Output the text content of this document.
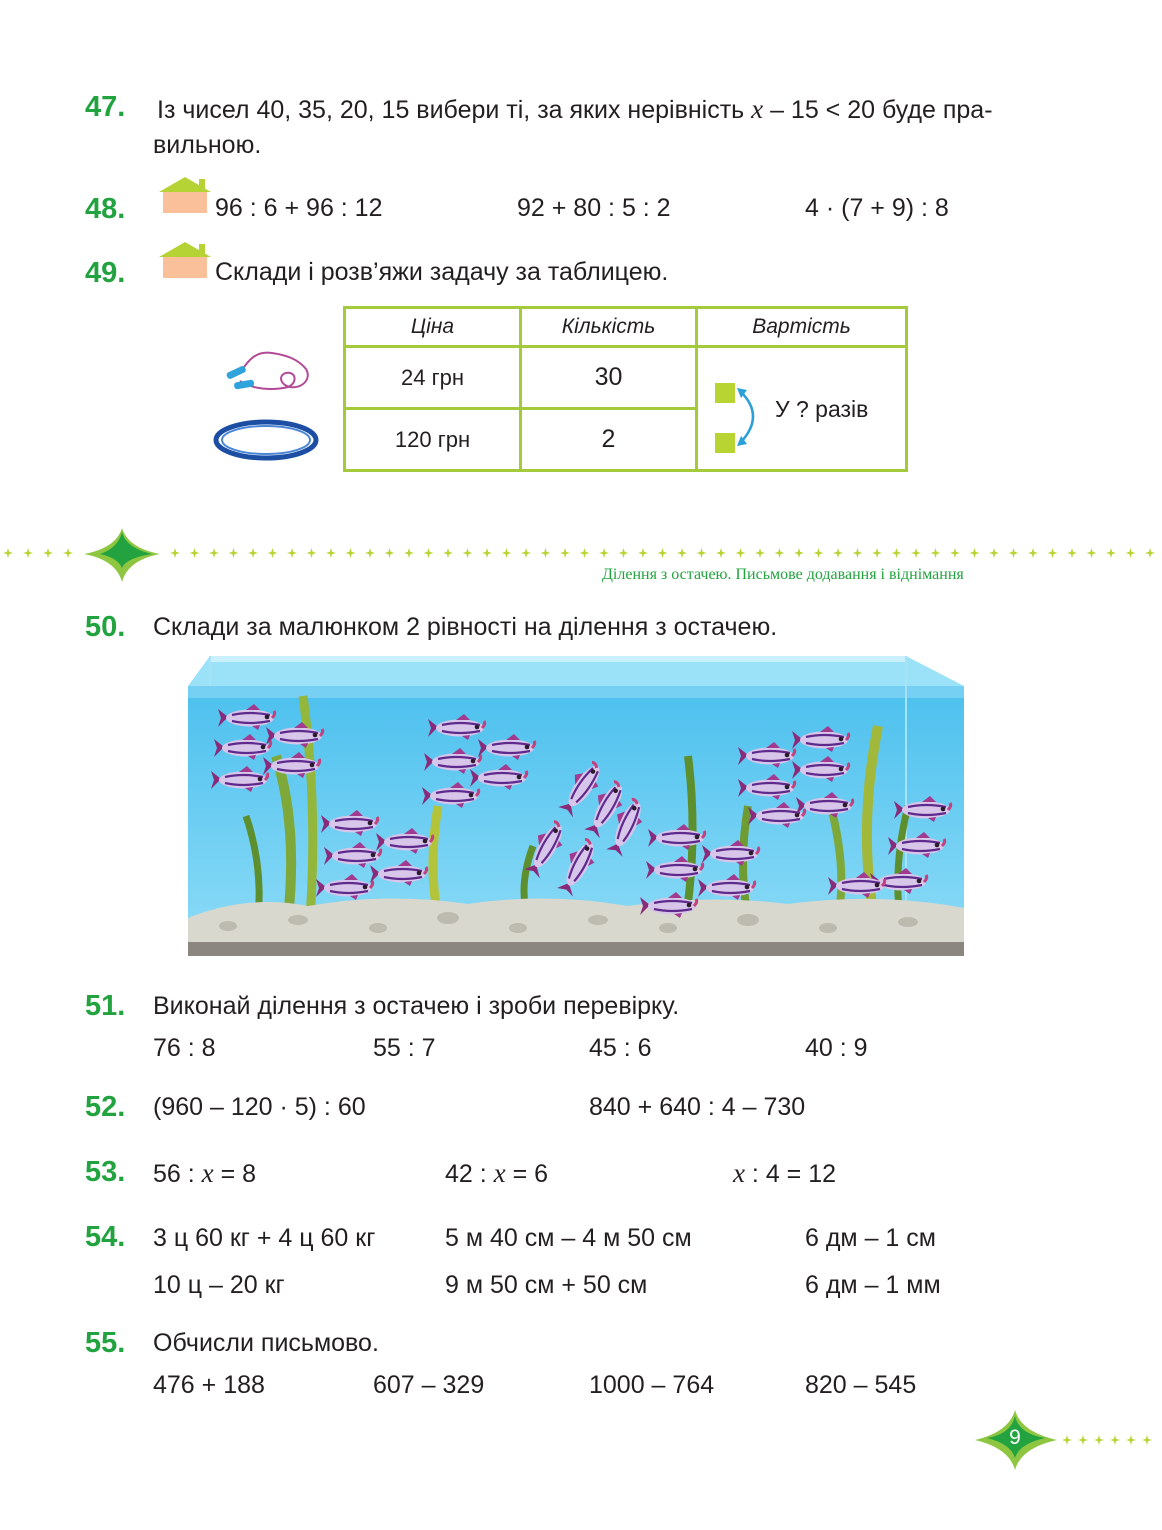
47. Із чисел 40, 35, 20, 15 вибери ті, за яких нерівність x – 15 < 20 буде пра-
вильною.
48.	96 : 6 + 96 : 12	92 + 80 : 5 : 2	4 · (7 + 9) : 8
49.	Склади і розв’яжи задачу за таблицею.
Ціна	Кількість	Вартість
24 грн	30	
120 грн	2	
У ? разів
Ділення з остачею. Письмове додавання і віднімання
50. Склади за малюнком 2 рівності на ділення з остачею.
51. Виконай ділення з остачею і зроби перевірку.
76 : 8	55 : 7	45 : 6	40 : 9
52. (960 – 120 · 5) : 60	840 + 640 : 4 – 730
53. 56 : x = 8	42 : x = 6	x : 4 = 12
54. 3 ц 60 кг + 4 ц 60 кг	5 м 40 см – 4 м 50 см	6 дм – 1 см
10 ц – 20 кг	9 м 50 см + 50 см	6 дм – 1 мм
55. Обчисли письмово.
476 + 188	607 – 329	1000 – 764	820 – 545
9
